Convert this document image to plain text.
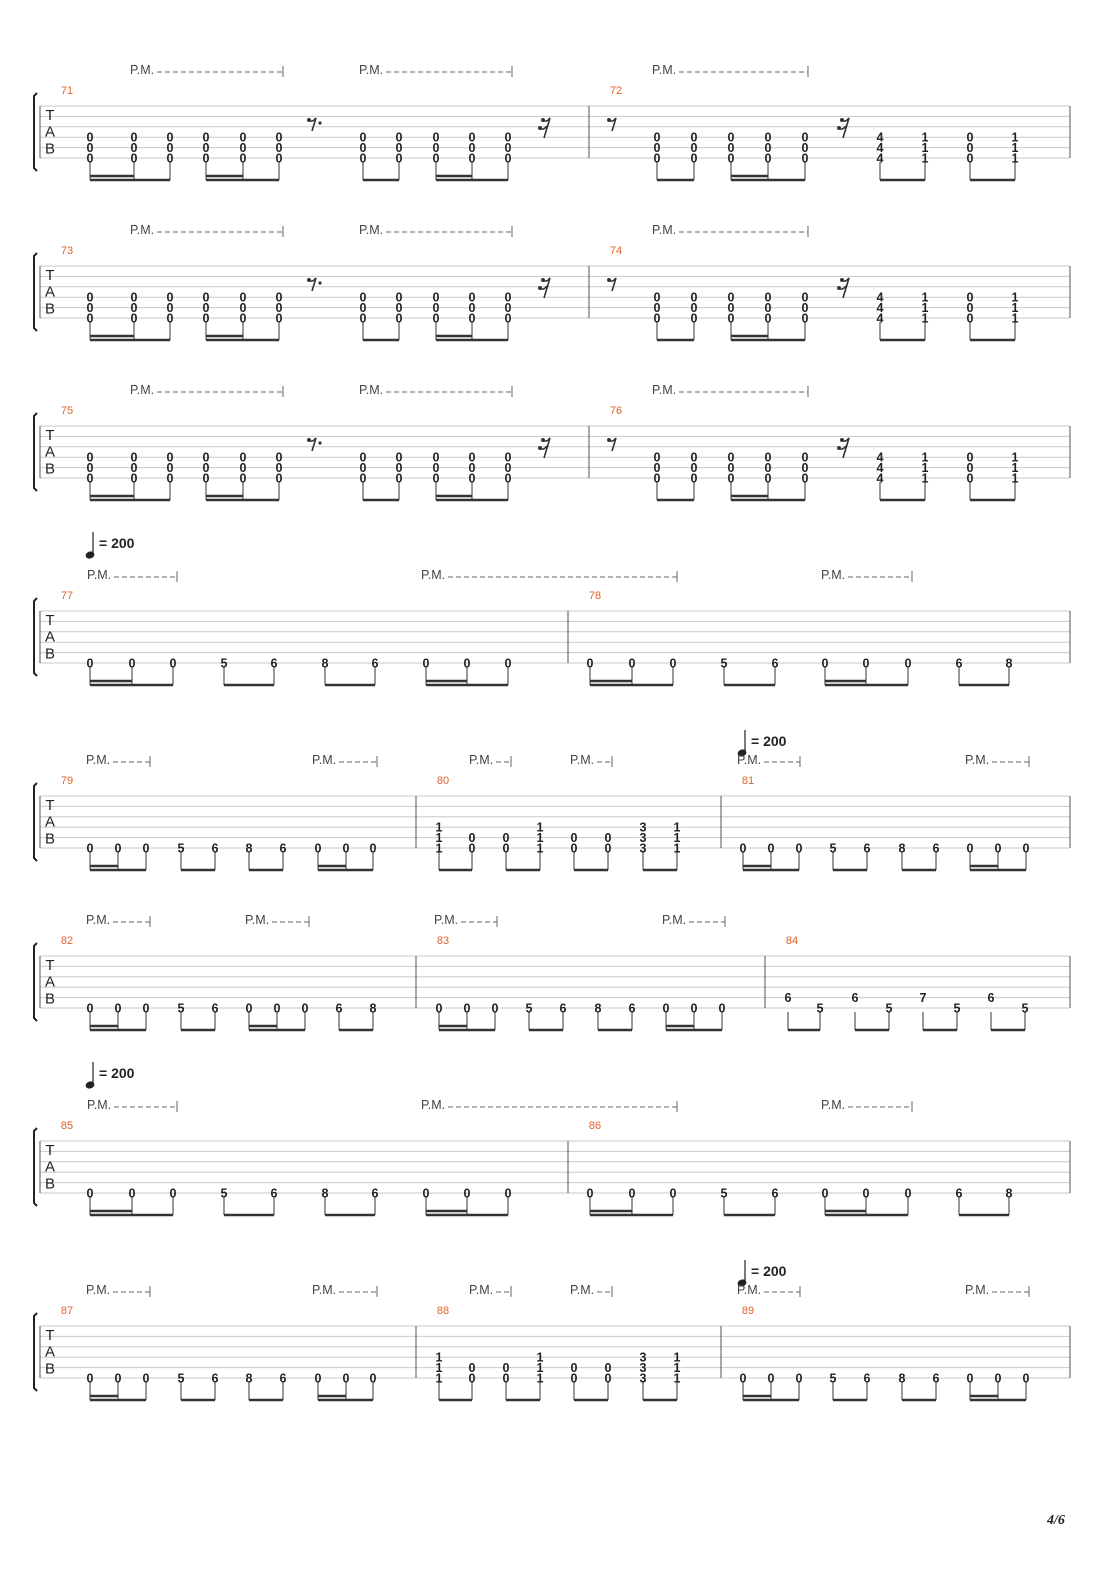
T
A
B
71
0
0
0
0
0
0
0
0
0
0
0
0
0
0
0
0
0
0
0
0
0
0
0
0
0
0
0
0
0
0
0
0
0
72
0
0
0
0
0
0
0
0
0
0
0
0
0
0
0
4
4
4
1
1
1
0
0
0
1
1
1
P.M.	P.M.	P.M.
T
A
B
73
0
0
0
0
0
0
0
0
0
0
0
0
0
0
0
0
0
0
0
0
0
0
0
0
0
0
0
0
0
0
0
0
0
74
0
0
0
0
0
0
0
0
0
0
0
0
0
0
0
4
4
4
1
1
1
0
0
0
1
1
1
P.M.	P.M.	P.M.
T
A
B
75
0
0
0
0
0
0
0
0
0
0
0
0
0
0
0
0
0
0
0
0
0
0
0
0
0
0
0
0
0
0
0
0
0
76
0
0
0
0
0
0
0
0
0
0
0
0
0
0
0
4
4
4
1
1
1
0
0
0
1
1
1
P.M.	P.M.	P.M.
T
A
B
77
0	0	0	5	6	8	6	0	0	0
78
0	0	0	5	6	0	0	0	6	8
P.M.	P.M.	P.M.
= 200
T
A
B
79
0 0 0 5 6 8 6 0 0 0
80
1
1
1
0
0
0
0
1
1
1
0
0
0
0
3
3
3
1
1
1
81
0 0 0 5 6 8 6 0 0 0
P.M.	P.M.	P.M.	P.M.	P.M.	P.M.
= 200
T
A
B
82
0 0 0 5 6 0 0 0 6 8
83
0 0 0 5 6 8 6 0 0 0
84
6
5
6
5
7
5
6
5
P.M.	P.M.	P.M.	P.M.
T
A
B
85
0	0	0	5	6	8	6	0	0	0
86
0	0	0	5	6	0	0	0	6	8
P.M.	P.M.	P.M.
= 200
T
A
B
87
0 0 0 5 6 8 6 0 0 0
88
1
1
1
0
0
0
0
1
1
1
0
0
0
0
3
3
3
1
1
1
89
0 0 0 5 6 8 6 0 0 0
P.M.	P.M.	P.M.	P.M.	P.M.	P.M.
= 200
4/6
